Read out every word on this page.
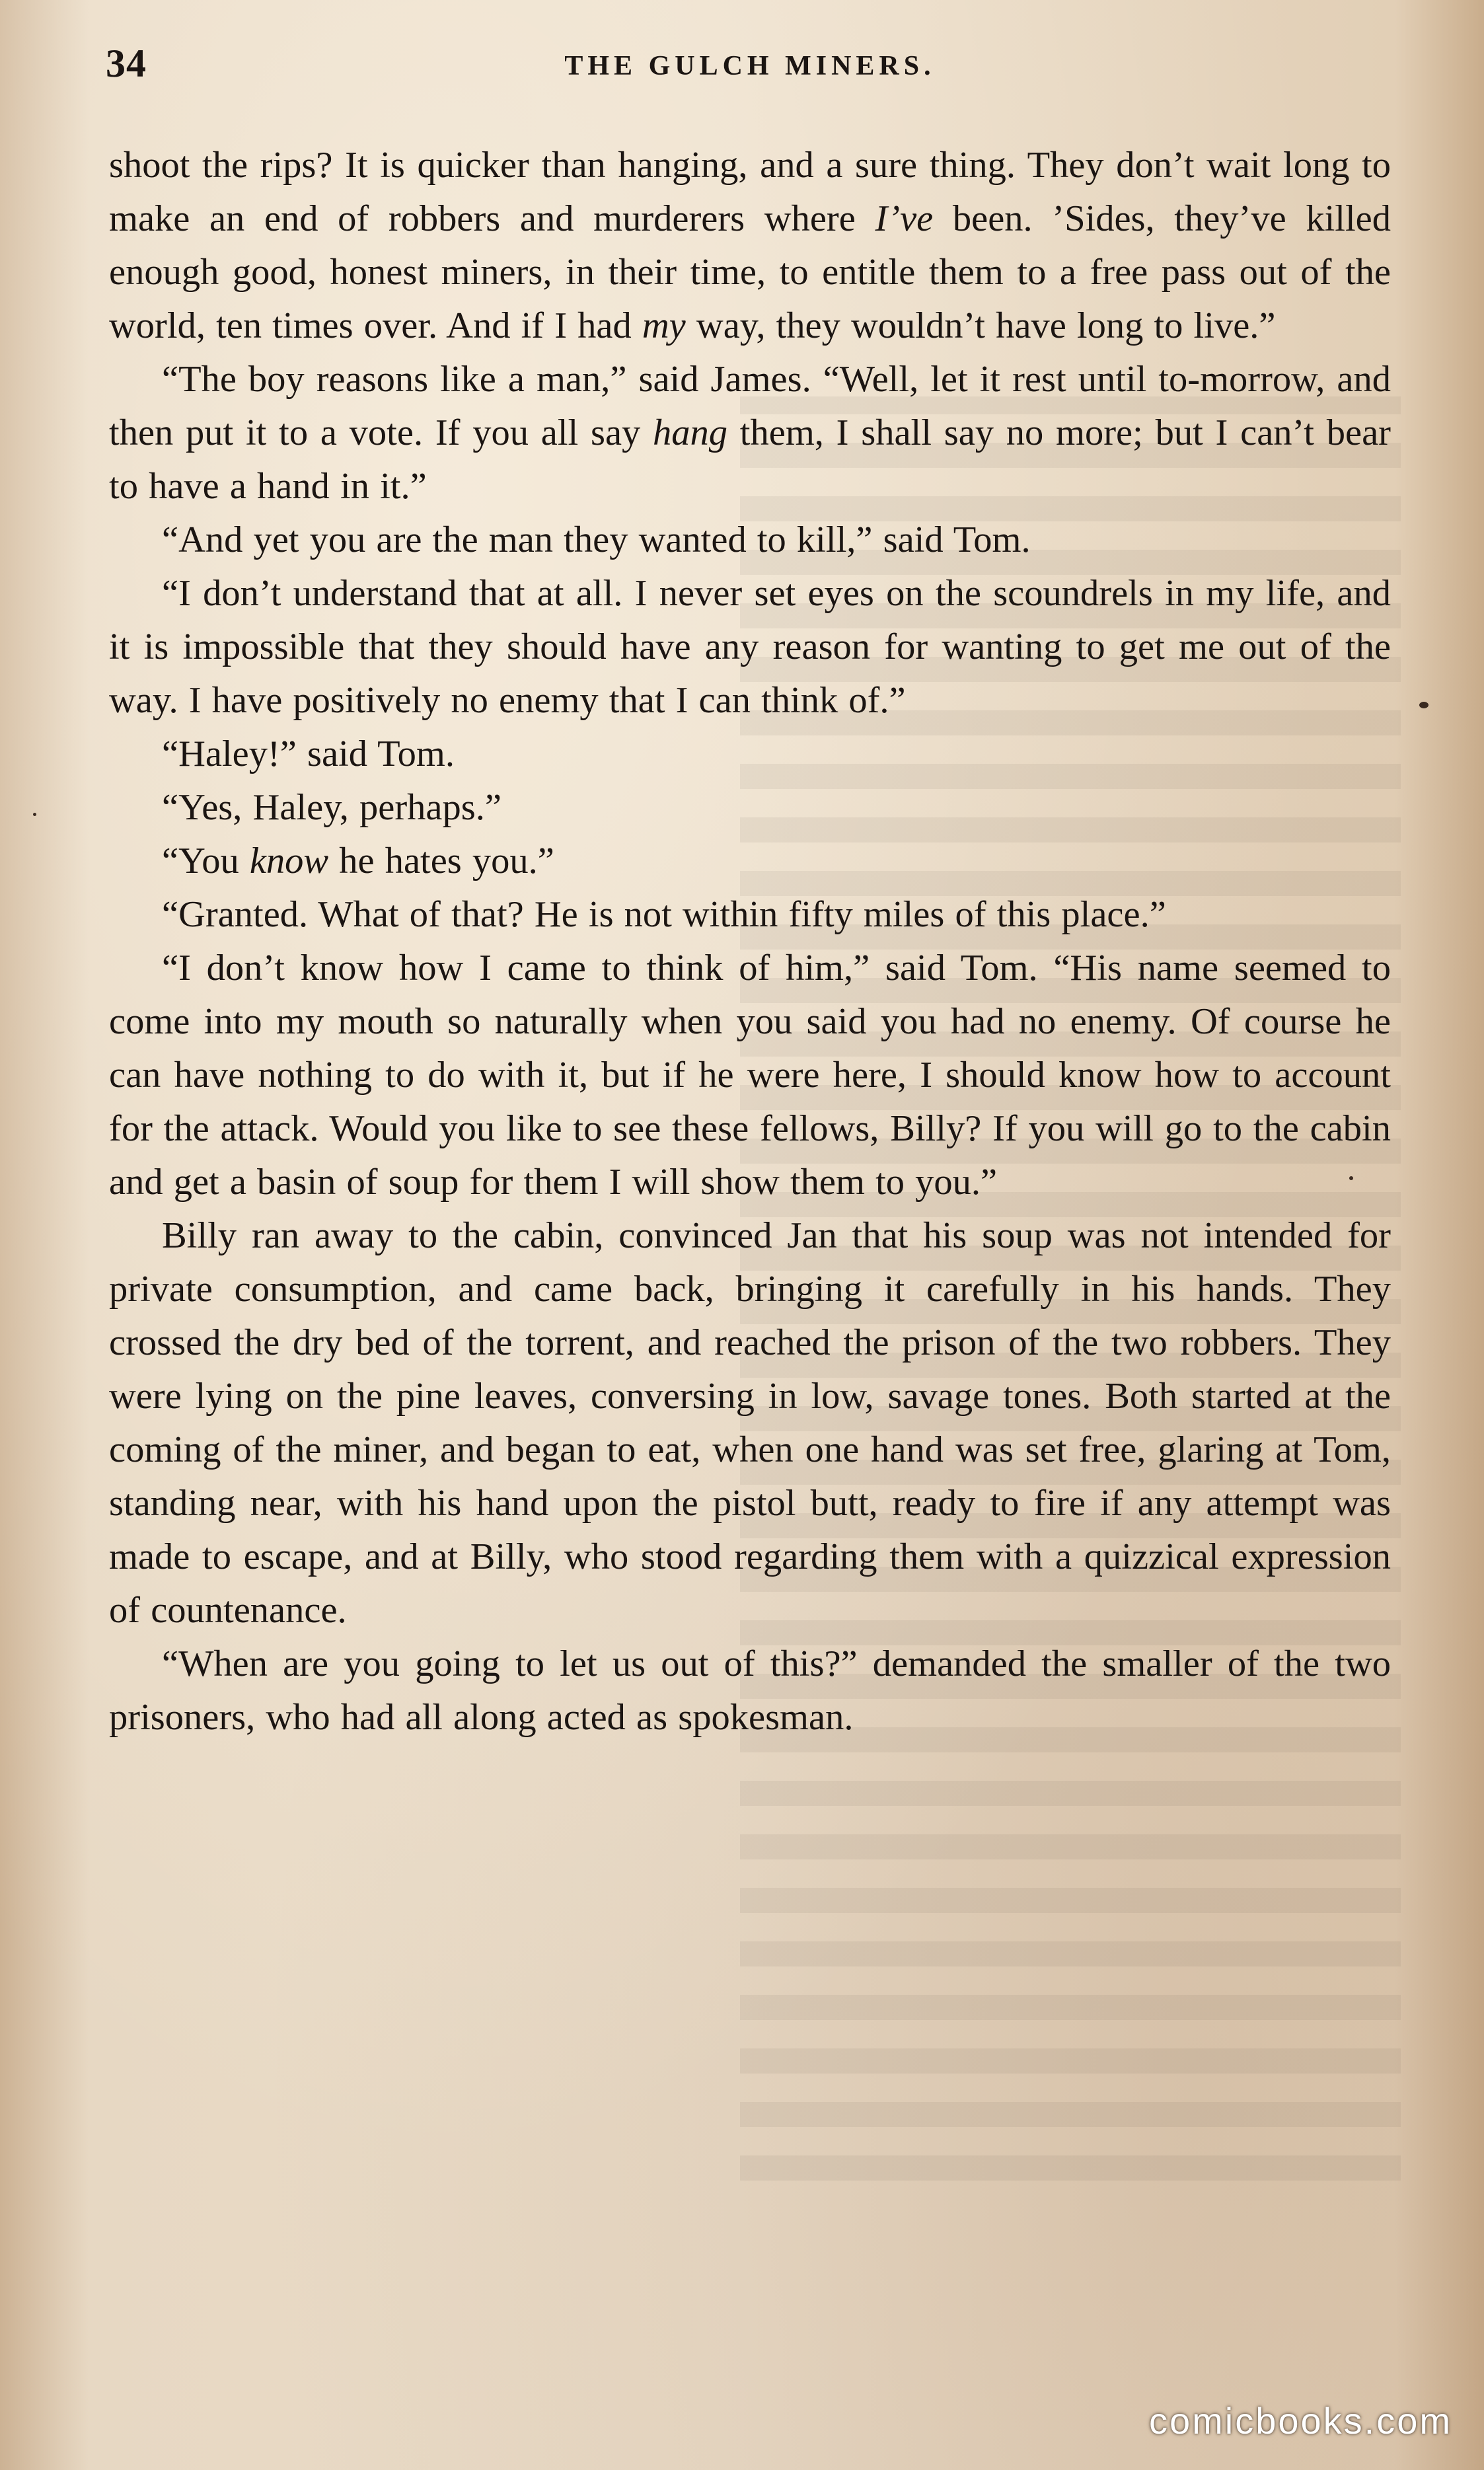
34	THE GULCH MINERS.

shoot the rips? It is quicker than hanging, and a sure thing. They don’t wait long to make an end of robbers and murderers where I’ve been. ’Sides, they’ve killed enough good, honest miners, in their time, to entitle them to a free pass out of the world, ten times over. And if I had my way, they wouldn’t have long to live.”

“The boy reasons like a man,” said James. “Well, let it rest until to-morrow, and then put it to a vote. If you all say hang them, I shall say no more; but I can’t bear to have a hand in it.”

“And yet you are the man they wanted to kill,” said Tom.

“I don’t understand that at all. I never set eyes on the scoundrels in my life, and it is impossible that they should have any reason for wanting to get me out of the way. I have positively no enemy that I can think of.”

“Haley!” said Tom.

“Yes, Haley, perhaps.”

“You know he hates you.”

“Granted. What of that? He is not within fifty miles of this place.”

“I don’t know how I came to think of him,” said Tom. “His name seemed to come into my mouth so naturally when you said you had no enemy. Of course he can have nothing to do with it, but if he were here, I should know how to account for the attack. Would you like to see these fellows, Billy? If you will go to the cabin and get a basin of soup for them I will show them to you.”

Billy ran away to the cabin, convinced Jan that his soup was not intended for private consumption, and came back, bringing it carefully in his hands. They crossed the dry bed of the torrent, and reached the prison of the two robbers. They were lying on the pine leaves, conversing in low, savage tones. Both started at the coming of the miner, and began to eat, when one hand was set free, glaring at Tom, standing near, with his hand upon the pistol butt, ready to fire if any attempt was made to escape, and at Billy, who stood regarding them with a quizzical expression of countenance.

“When are you going to let us out of this?” demanded the smaller of the two prisoners, who had all along acted as spokesman.

comicbooks.com
